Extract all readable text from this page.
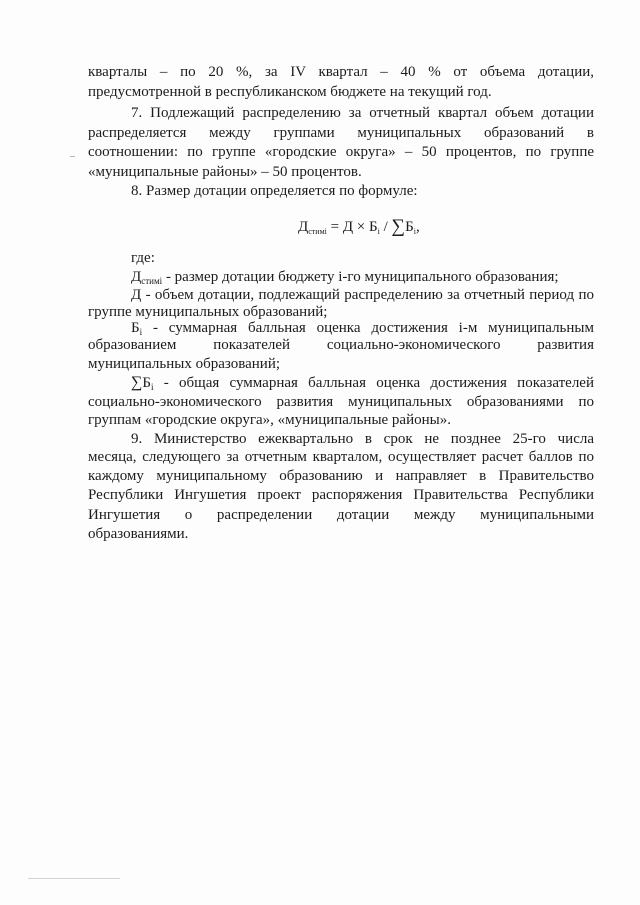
кварталы – по 20 %, за IV квартал – 40 % от объема дотации,
предусмотренной в республиканском бюджете на текущий год.
7. Подлежащий распределению за отчетный квартал объем дотации
распределяется между группами муниципальных образований в
соотношении: по группе «городские округа» – 50 процентов, по группе
«муниципальные районы» – 50 процентов.
8. Размер дотации определяется по формуле:
$Д_{стимi} = Д \times Б_i / \sum Б_i$,
где:
$Д_{стимi}$ - размер дотации бюджету i-го муниципального образования;
Д - объем дотации, подлежащий распределению за отчетный период по
группе муниципальных образований;
$Б_i$ - суммарная балльная оценка достижения i-м муниципальным
образованием показателей социально-экономического развития
муниципальных образований;
$\sum Б_i$ - общая суммарная балльная оценка достижения показателей
социально-экономического развития муниципальных образованиями по
группам «городские округа», «муниципальные районы».
9. Министерство ежеквартально в срок не позднее 25-го числа
месяца, следующего за отчетным кварталом, осуществляет расчет баллов по
каждому муниципальному образованию и направляет в Правительство
Республики Ингушетия проект распоряжения Правительства Республики
Ингушетия о распределении дотации между муниципальными
образованиями.
